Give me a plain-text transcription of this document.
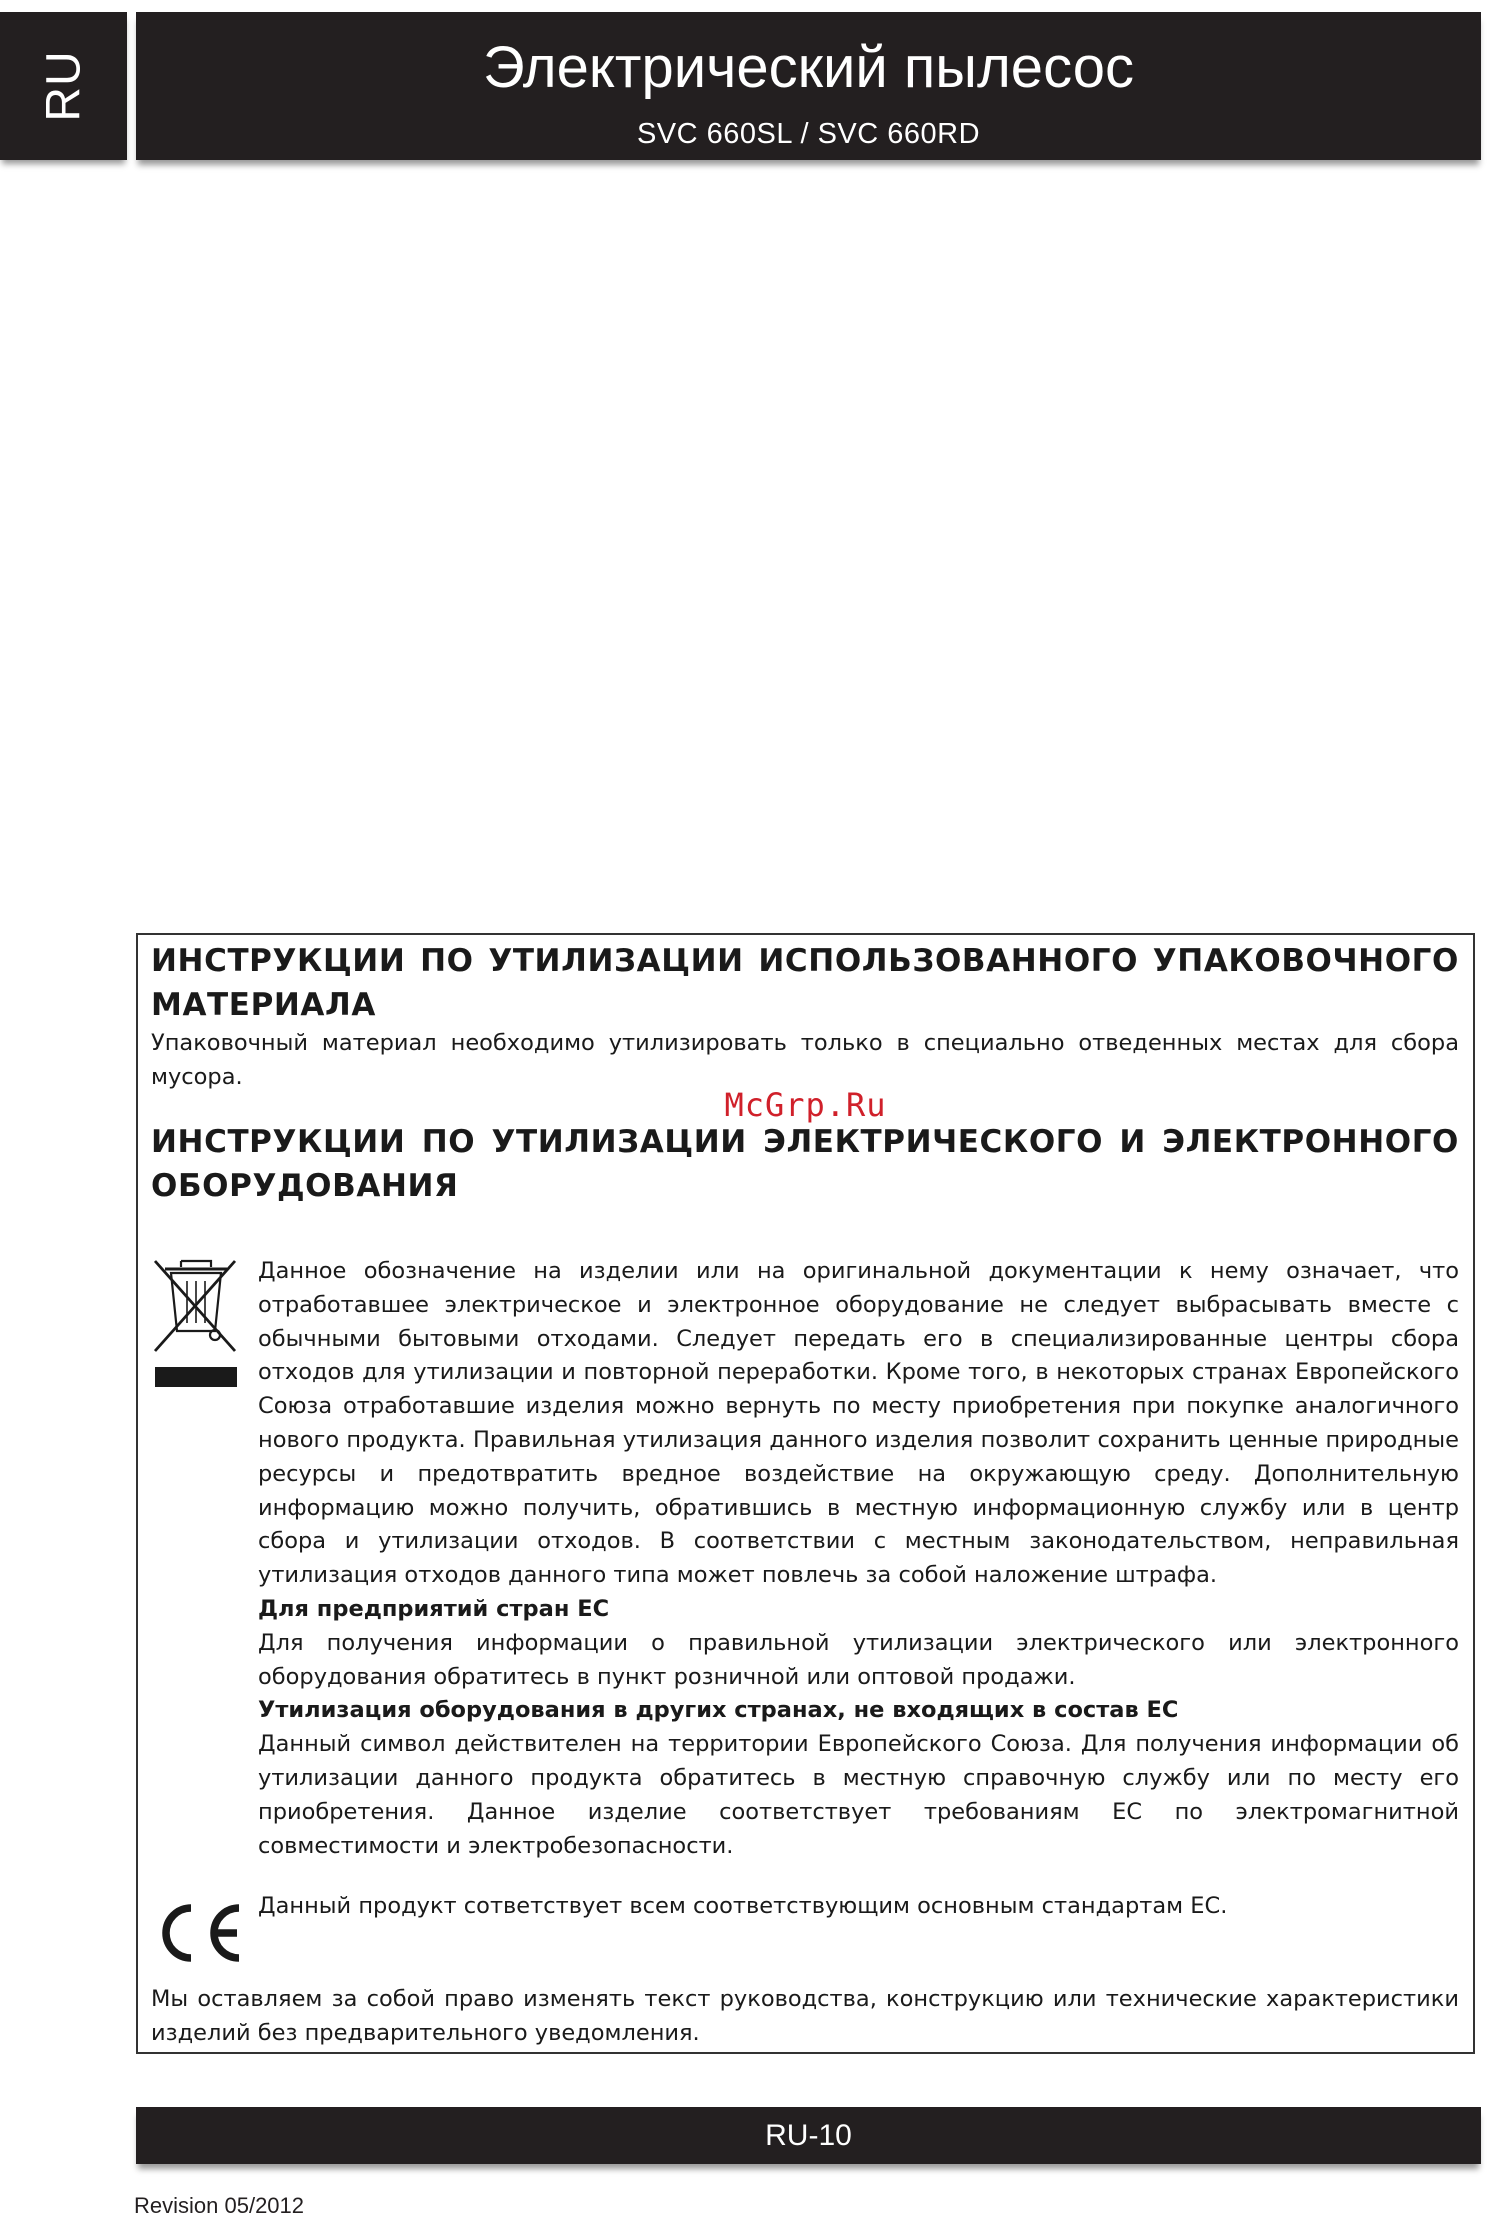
RU	Электрический пылесос
SVC 660SL / SVC 660RD
ИНСТРУКЦИИ ПО УТИЛИЗАЦИИ ИСПОЛЬЗОВАННОГО УПАКОВОЧНОГО
МАТЕРИАЛА

Упаковочный материал необходимо утилизировать только в специально отведенных местах для сбора мусора.

McGrp.Ru
ИНСТРУКЦИИ ПО УТИЛИЗАЦИИ ЭЛЕКТРИЧЕСКОГО И ЭЛЕКТРОННОГО
ОБОРУДОВАНИЯ

Данное обозначение на изделии или на оригинальной документации к нему означает, что отработавшее электрическое и электронное оборудование не следует выбрасывать вместе с обычными бытовыми отходами. Следует передать его в специализированные центры сбора отходов для утилизации и повторной переработки. Кроме того, в некоторых странах Европейского Союза отработавшие изделия можно вернуть по месту приобретения при покупке аналогичного нового продукта. Правильная утилизация данного изделия позволит сохранить ценные природные ресурсы и предотвратить вредное воздействие на окружающую среду. Дополнительную информацию можно получить, обратившись в местную информационную службу или в центр сбора и утилизации отходов. В соответствии с местным законодательством, неправильная утилизация отходов данного типа может повлечь за собой наложение штрафа.

Для предприятий стран ЕС

Для получения информации о правильной утилизации электрического или электронного оборудования обратитесь в пункт розничной или оптовой продажи.

Утилизация оборудования в других странах, не входящих в состав ЕС

Данный символ действителен на территории Европейского Союза. Для получения информации об утилизации данного продукта обратитесь в местную справочную службу или по месту его приобретения. Данное изделие соответствует требованиям ЕС по электромагнитной совместимости и электробезопасности.

Данный продукт сответствует всем соответствующим основным стандартам ЕС.

Мы оставляем за собой право изменять текст руководства, конструкцию или технические характеристики изделий без предварительного уведомления.

RU-10
Revision 05/2012
